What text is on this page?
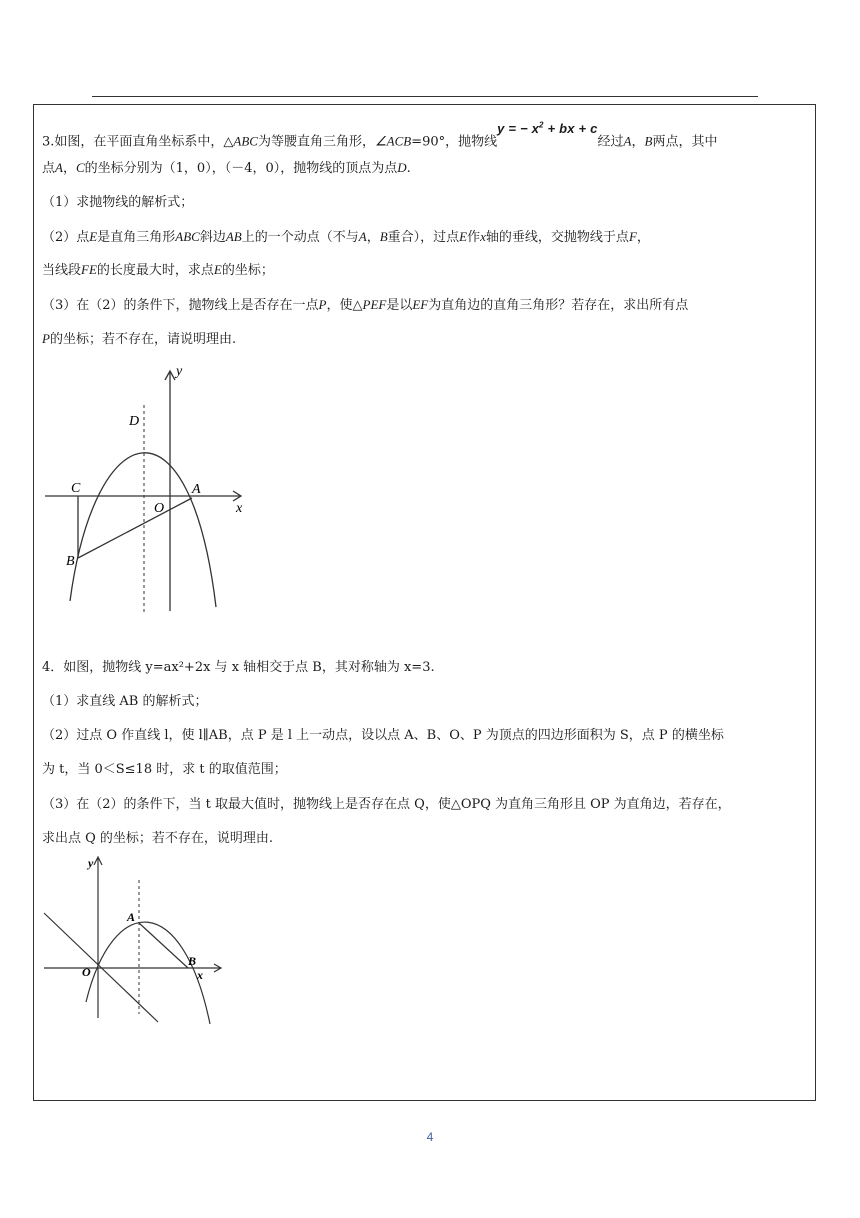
3.如图，在平面直角坐标系中，△ABC为等腰直角三角形，∠ACB=90°，抛物线y = − $x^2$ + bx + c经过A，B两点，其中
点A，C的坐标分别为（1，0），（－4，0），抛物线的顶点为点D.
（1）求抛物线的解析式；
（2）点E是直角三角形ABC斜边AB上的一个动点（不与A，B重合），过点E作x轴的垂线，交抛物线于点F，
当线段FE的长度最大时，求点E的坐标；
（3）在（2）的条件下，抛物线上是否存在一点P，使△PEF是以EF为直角边的直角三角形？若存在，求出所有点
P的坐标；若不存在，请说明理由.
y
x
D
C	A
O
B
4．如图，抛物线 y=ax²+2x 与 x 轴相交于点 B，其对称轴为 x=3.
（1）求直线 AB 的解析式；
（2）过点 O 作直线 l，使 l∥AB，点 P 是 l 上一动点，设以点 A、B、O、P 为顶点的四边形面积为 S，点 P 的横坐标
为 t，当 0＜S≤18 时，求 t 的取值范围；
（3）在（2）的条件下，当 t 取最大值时，抛物线上是否存在点 Q，使△OPQ 为直角三角形且 OP 为直角边，若存在，
求出点 Q 的坐标；若不存在，说明理由.
y
x
A
O
B
4
